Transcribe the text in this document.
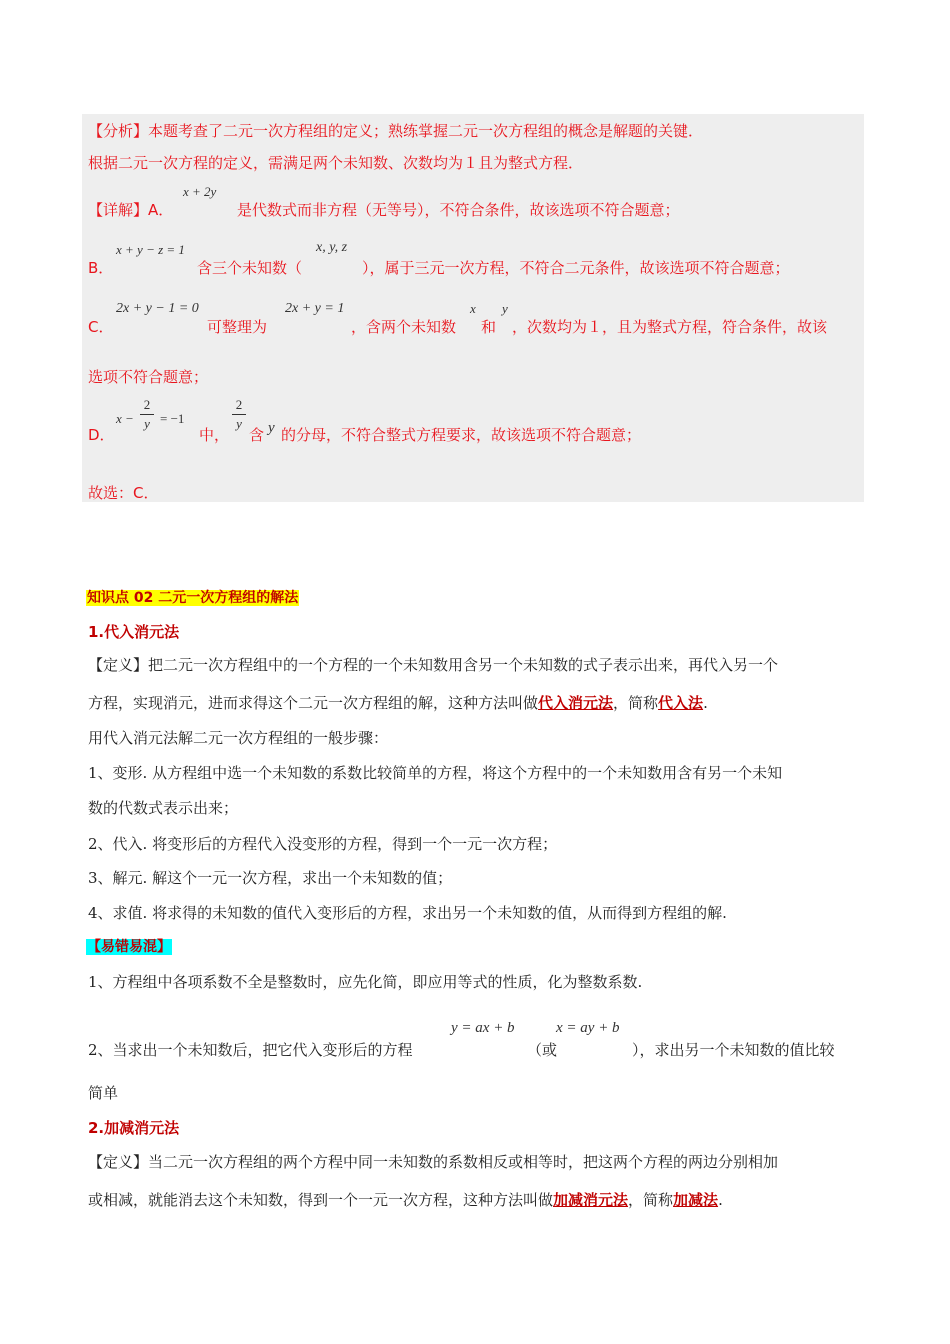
【分析】本题考查了二元一次方程组的定义；熟练掌握二元一次方程组的概念是解题的关键．
根据二元一次方程的定义，需满足两个未知数、次数均为１且为整式方程．
【详解】A．
x + 2y
是代数式而非方程（无等号），不符合条件，故该选项不符合题意；
B．
x + y − z = 1
含三个未知数（
x, y, z
），属于三元一次方程，不符合二元条件，故该选项不符合题意；
C．
2x + y − 1 = 0
可整理为
2x + y = 1
，含两个未知数
x
和
y
，次数均为１，且为整式方程，符合条件，故该
选项不符合题意；
D．
x −
2
y = −1
中，
2
y
含 y 的分母，不符合整式方程要求，故该选项不符合题意；
故选：C．
知识点 02 二元一次方程组的解法
1.代入消元法
【定义】把二元一次方程组中的一个方程的一个未知数用含另一个未知数的式子表示出来，再代入另一个
方程，实现消元，进而求得这个二元一次方程组的解，这种方法叫做代入消元法，简称代入法.
用代入消元法解二元一次方程组的一般步骤：
1、变形. 从方程组中选一个未知数的系数比较简单的方程，将这个方程中的一个未知数用含有另一个未知
数的代数式表示出来；
2、代入. 将变形后的方程代入没变形的方程，得到一个一元一次方程；
3、解元. 解这个一元一次方程，求出一个未知数的值；
4、求值. 将求得的未知数的值代入变形后的方程，求出另一个未知数的值，从而得到方程组的解.
【易错易混】
1、方程组中各项系数不全是整数时，应先化简，即应用等式的性质，化为整数系数.
2、当求出一个未知数后，把它代入变形后的方程
y = ax + b
（或
x = ay + b
），求出另一个未知数的值比较
简单
2.加减消元法
【定义】当二元一次方程组的两个方程中同一未知数的系数相反或相等时，把这两个方程的两边分别相加
或相减，就能消去这个未知数，得到一个一元一次方程，这种方法叫做加减消元法，简称加减法.
